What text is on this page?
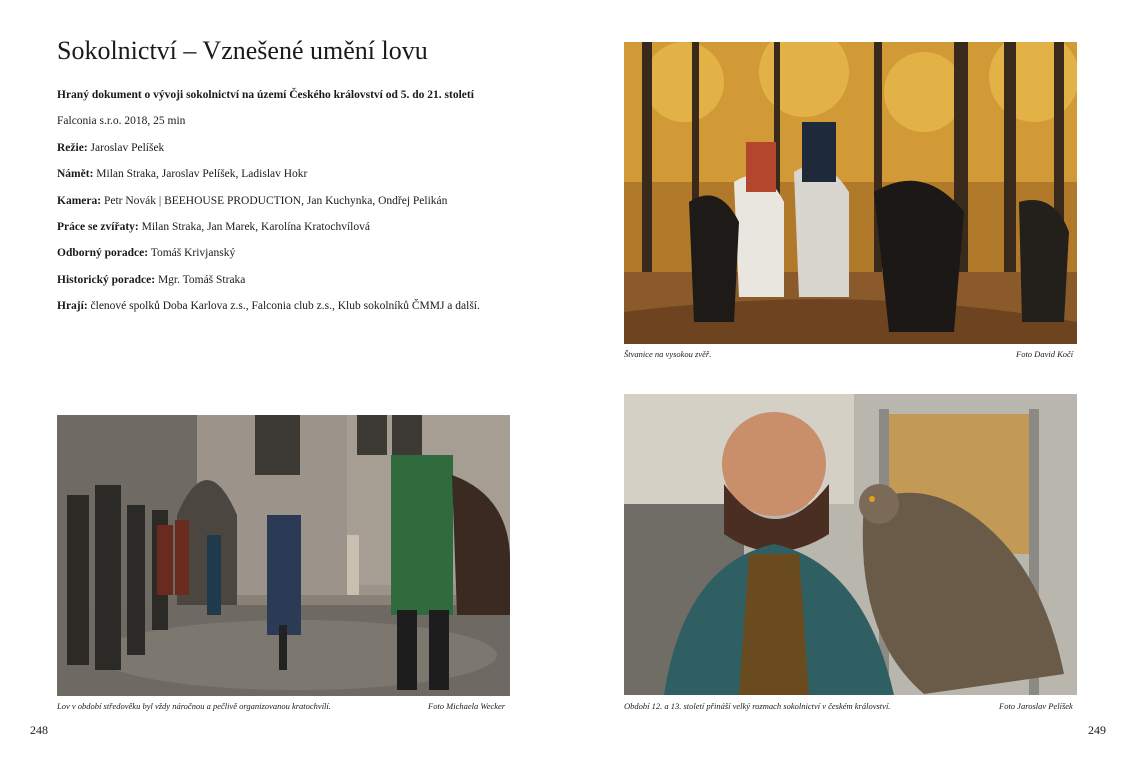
Sokolnictví – Vznešené umění lovu

Hraný dokument o vývoji sokolnictví na území Českého království od 5. do 21. století

Falconia s.r.o. 2018, 25 min

Režie: Jaroslav Pelíšek

Námět: Milan Straka, Jaroslav Pelíšek, Ladislav Hokr

Kamera: Petr Novák | BEEHOUSE PRODUCTION, Jan Kuchynka, Ondřej Pelikán

Práce se zvířaty: Milan Straka, Jan Marek, Karolína Kratochvílová

Odborný poradce: Tomáš Krivjanský

Historický poradce: Mgr. Tomáš Straka

Hrají: členové spolků Doba Karlova z.s., Falconia club z.s., Klub sokolníků ČMMJ a další.

Lov v období středověku byl vždy náročnou a pečlivě organizovanou kratochvílí.	Foto Michaela Wecker
248
Štvanice na vysokou zvěř.	Foto David Kočí
Období 12. a 13. století přináší velký rozmach sokolnictví v českém království.	Foto Jaroslav Pelíšek
249
